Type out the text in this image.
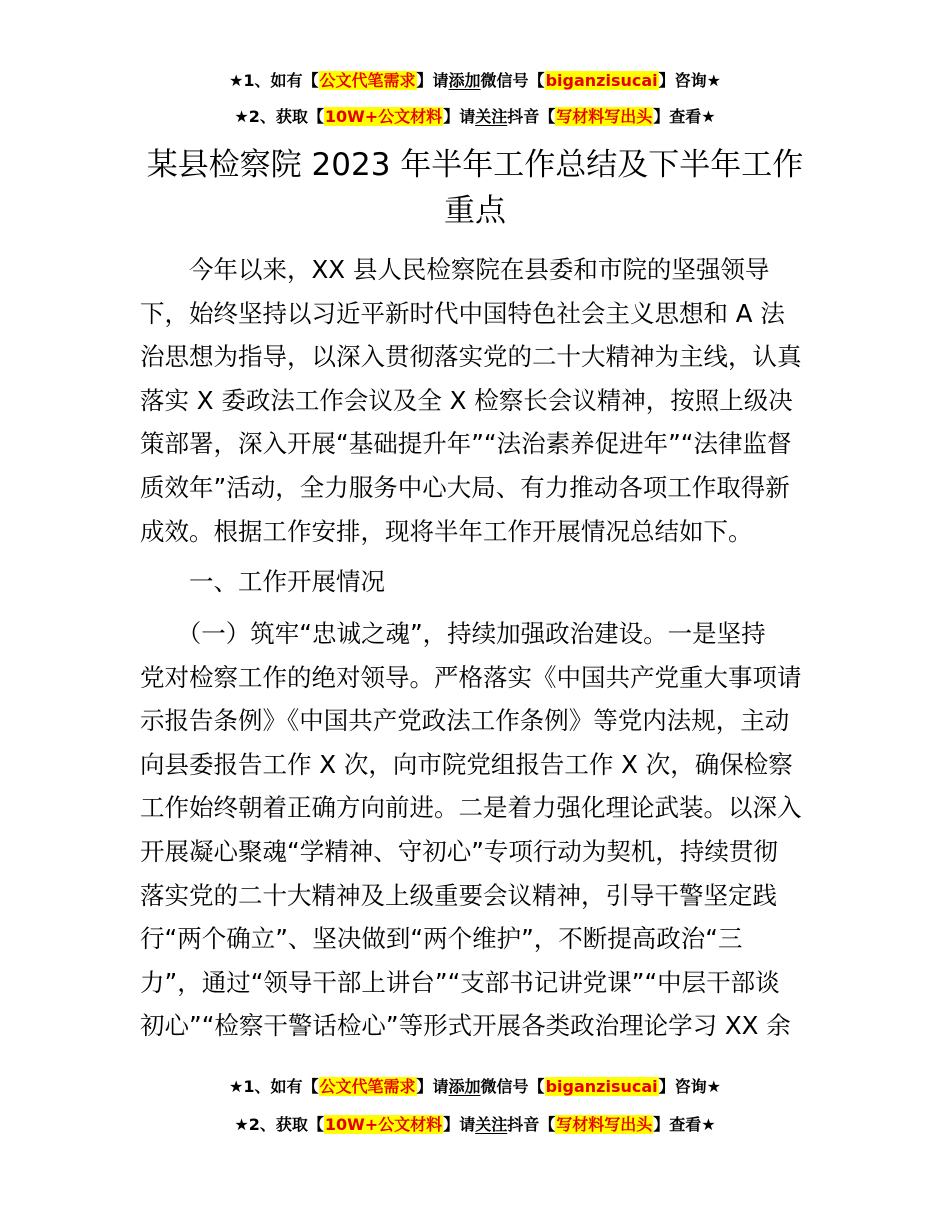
★1、如有【公文代笔需求】请添加微信号【biganzisucai】咨询★
★2、获取【10W+公文材料】请关注抖音【写材料写出头】查看★
某县检察院 2023 年半年工作总结及下半年工作
重点
　　今年以来，XX 县人民检察院在县委和市院的坚强领导
下，始终坚持以习近平新时代中国特色社会主义思想和 A 法
治思想为指导，以深入贯彻落实党的二十大精神为主线，认真
落实 X 委政法工作会议及全 X 检察长会议精神，按照上级决
策部署，深入开展“基础提升年”“法治素养促进年”“法律监督
质效年”活动，全力服务中心大局、有力推动各项工作取得新
成效。根据工作安排，现将半年工作开展情况总结如下。
　　一、工作开展情况
　　（一）筑牢“忠诚之魂”，持续加强政治建设。一是坚持
党对检察工作的绝对领导。严格落实《中国共产党重大事项请
示报告条例》《中国共产党政法工作条例》等党内法规，主动
向县委报告工作 X 次，向市院党组报告工作 X 次，确保检察
工作始终朝着正确方向前进。二是着力强化理论武装。以深入
开展凝心聚魂“学精神、守初心”专项行动为契机，持续贯彻
落实党的二十大精神及上级重要会议精神，引导干警坚定践
行“两个确立”、坚决做到“两个维护”，不断提高政治“三
力”，通过“领导干部上讲台”“支部书记讲党课”“中层干部谈
初心”“检察干警话检心”等形式开展各类政治理论学习 XX 余
★1、如有【公文代笔需求】请添加微信号【biganzisucai】咨询★
★2、获取【10W+公文材料】请关注抖音【写材料写出头】查看★
